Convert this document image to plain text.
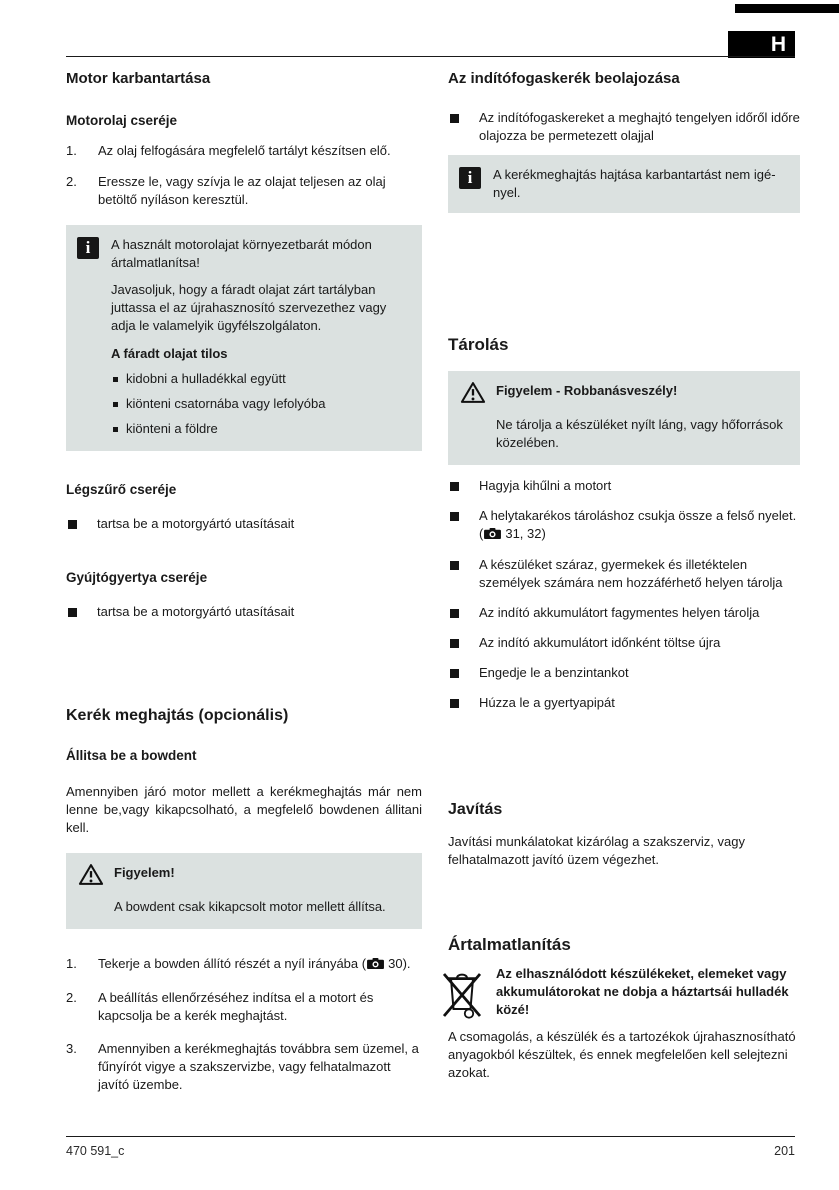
H
Motor karbantartása
Motorolaj cseréje
1. Az olaj felfogására megfelelő tartályt készítsen elő.
2. Eressze le, vagy szívja le az olajat teljesen az olaj betöltő nyíláson keresztül.
i

A használt motorolajat környezetbarát módon ártalmatlanítsa!

Javasoljuk, hogy a fáradt olajat zárt tartályban juttassa el az újrahasznosító szervezethez vagy adja le valamelyik ügyfélszolgálaton.

A fáradt olajat tilos

kidobni a hulladékkal együtt
kiönteni csatornába vagy lefolyóba
kiönteni a földre
Légszűrő cseréje
tartsa be a motorgyártó utasításait
Gyújtógyertya cseréje
tartsa be a motorgyártó utasításait
Kerék meghajtás (opcionális)
Állitsa be a bowdent

Amennyiben járó motor mellett a kerékmeghajtás már nem lenne be,vagy kikapcsolható, a megfelelő bowdenen állitani kell.

Figyelem!

A bowdent csak kikapcsolt motor mellett állítsa.

1. Tekerje a bowden állító részét a nyíl irányába ( 30).
2. A beállítás ellenőrzéséhez indítsa el a motort és kapcsolja be a kerék meghajtást.
3. Amennyiben a kerékmeghajtás továbbra sem üzemel, a fűnyírót vigye a szakszervizbe, vagy felhatalmazott javító üzembe.
Az indítófogaskerék beolajozása
Az indítófogaskereket a meghajtó tengelyen időről időre olajozza be permetezett olajjal
i

A kerékmeghajtás hajtása karbantartást nem igényel.

Tárolás
Figyelem - Robbanásveszély!

Ne tárolja a készüléket nyílt láng, vagy hőforrások közelében.

Hagyja kihűlni a motort
A helytakarékos tároláshoz csukja össze a felső nyelet. ( 31, 32)
A készüléket száraz, gyermekek és illetéktelen személyek számára nem hozzáférhető helyen tárolja
Az indító akkumulátort fagymentes helyen tárolja
Az indító akkumulátort időnként töltse újra
Engedje le a benzintankot
Húzza le a gyertyapipát
Javítás

Javítási munkálatokat kizárólag a szakszerviz, vagy felhatalmazott javító üzem végezhet.

Ártalmatlanítás

Az elhasználódott készülékeket, elemeket vagy akkumulátorokat ne dobja a háztartsái hulladék közé!

A csomagolás, a készülék és a tartozékok újrahasznosítható anyagokból készültek, és ennek megfelelően kell selejtezni azokat.

470 591_c	201
